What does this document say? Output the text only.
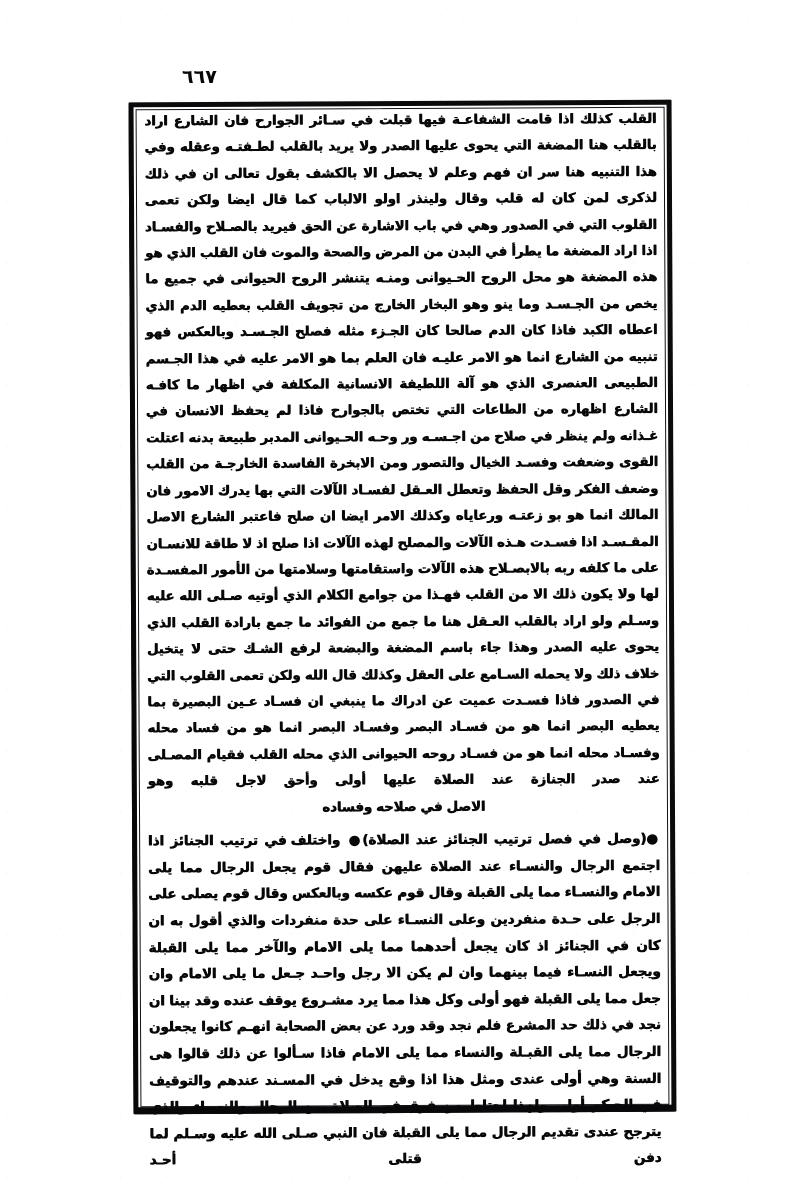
٦٦٧

القلب كذلك اذا قامت الشفاعـة فيها قبلت في سـائر الجوارح فان الشارع اراد بالقلب هنا المضغة التي يحوى عليها الصدر ولا يريد بالقلب لطـفتـه وعقله وفي هذا التنبيه هنا سر ان فهم وعلم لا يحصل الا بالكشف بقول تعالى ان في ذلك لذكرى لمن كان له قلب وقال ولينذر اولو الالباب كما قال ايضا ولكن تعمى القلوب التي في الصدور وهي في باب الاشارة عن الحق فيريد بالصـلاح والفسـاد اذا اراد المضغة ما يطرأ في البدن من المرض والصحة والموت فان القلب الذي هو هذه المضغة هو محل الروح الحـيوانى ومنـه يتنشر الروح الحيوانى في جميع ما يخص من الجـسـد وما ينو وهو البخار الخارج من تجويف القلب بعطيه الدم الذي اعطاه الكبد فاذا كان الدم صالحا كان الجـزء مثله فصلح الجـسـد وبالعكس فهو تنبيه من الشارع انما هو الامر عليـه فان العلم بما هو الامر عليه في هذا الجـسم الطبيعى العنصرى الذي هو آلة اللطيفة الانسانية المكلفة في اظهار ما كافـه الشارع اظهاره من الطاعات التي تختص بالجوارح فاذا لم يحفظ الانسان في غـذانه ولم ينظر في صلاح من اجـسـه ور وحـه الحـيوانى المدبر طبيعة بدنه اعتلت القوى وضعفت وفسـد الخيال والتصور ومن الابخرة الفاسدة الخارجـة من القلب وضعف الفكر وقل الحفظ وتعطل العـقل لفسـاد الآلات التي بها يدرك الامور فان المالك انما هو بو زعتـه ورعاياه وكذلك الامر ايضا ان صلح فاعتبر الشارع الاصل المقـسـد اذا فسـدت هـذه الآلات والمصلح لهذه الآلات اذا صلح اذ لا طاقة للانسـان على ما كلفه ربه بالابصـلاح هذه الآلات واستقامتها وسلامتها من الأمور المفسـدة لها ولا يكون ذلك الا من القلب فهـذا من جوامع الكلام الذي أوتيه صـلى الله عليه وسـلم ولو اراد بالقلب العـقل هنا ما جمع من الفوائد ما جمع بارادة القلب الذي يحوى عليه الصدر وهذا جاء باسم المضغة والبضعة لرفع الشـك حتى لا يتخيل خلاف ذلك ولا يحمله السـامع على العقل وكذلك قال الله ولكن تعمى القلوب التي في الصدور فاذا فسـدت عميت عن ادراك ما ينبغي ان فسـاد عـين البصيرة بما يعطيه البصر انما هو من فسـاد البصر وفسـاد البصر انما هو من فساد محله وفسـاد محله انما هو من فسـاد روحه الحيوانى الذي محله القلب فقيام المصـلى عند صدر الجنازة عند الصلاة عليها أولى وأحق لاجل قلبه وهو

الاصل في صلاحه وفساده

●(وصل في فصل ترتيب الجنائز عند الصلاة)● واختلف في ترتيب الجنائز اذا اجتمع الرجال والنسـاء عند الصلاة عليهن فقال قوم يجعل الرجال مما يلى الامام والنسـاء مما يلى القبلة وقال قوم عكسه وبالعكس وقال قوم يصلى على الرجل على حـدة منفردين وعلى النسـاء على حدة منفردات والذي أقول به ان كان في الجنائز اذ كان يجعل أحدهما مما يلى الامام والآخر مما يلى القبلة ويجعل النسـاء فيما بينهما وان لم يكن الا رجل واحـد جـعل ما يلى الامام وان جعل مما يلى القبلة فهو أولى وكل هذا مما يرد مشـروع يوقف عنده وقد بينا ان نجد في ذلك حد المشرع فلم نجد وقد ورد عن بعض الصحابة انهـم كانوا يجعلون الرجال مما يلى القبـلة والنساء مما يلى الامام فاذا سـألوا عن ذلك قالوا هى السنة وهي أولى عندى ومثل هذا اذا وقع يدخل في المسـند عندهم والتوقيف في الحـكم أولى ولهذا احتاط من فرق في الصلاة بين الرجال والنسـاء والذي يترجح عندى تقديم الرجال مما يلى القبلة فان النبي صـلى الله عليه وسـلم لما دفن قتلى أحـد
